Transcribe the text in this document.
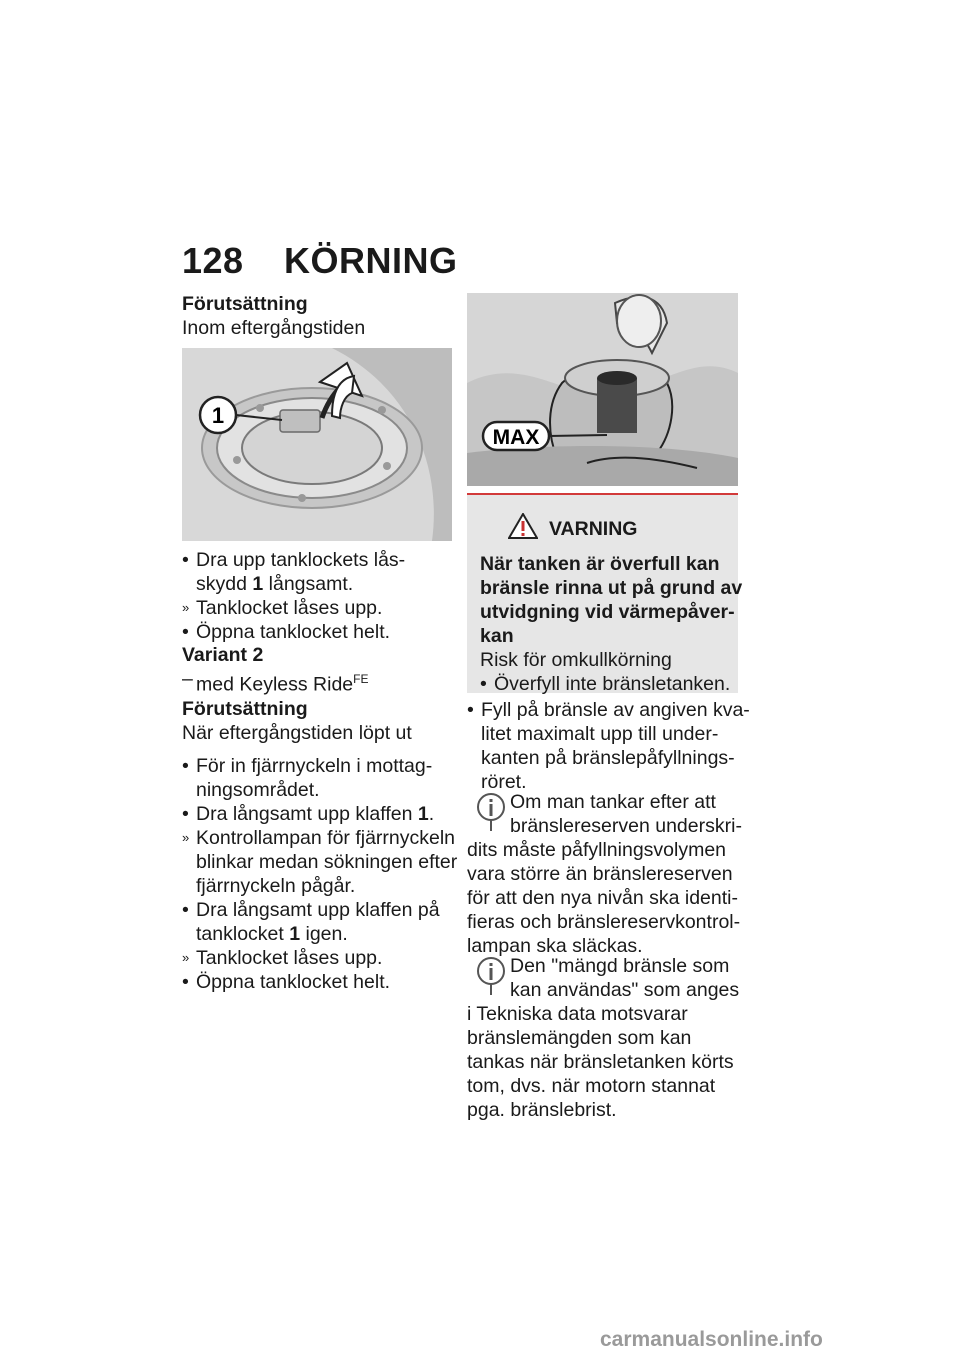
128 KÖRNING
Förutsättning
Inom eftergångstiden
1
• Dra upp tanklockets lås-
skydd 1 långsamt.
» Tanklocket låses upp.
• Öppna tanklocket helt.
Variant 2
– med Keyless Ride$^{FE}$
Förutsättning
När eftergångstiden löpt ut
• För in fjärrnyckeln i mottag-
ningsområdet.
• Dra långsamt upp klaffen 1.
» Kontrollampan för fjärrnyckeln
blinkar medan sökningen efter
fjärrnyckeln pågår.
• Dra långsamt upp klaffen på
tanklocket 1 igen.
» Tanklocket låses upp.
• Öppna tanklocket helt.
MAX
VARNING
När tanken är överfull kan
bränsle rinna ut på grund av
utvidgning vid värmepåver-
kan
Risk för omkullkörning
• Överfyll inte bränsletanken.
• Fyll på bränsle av angiven kva-
litet maximalt upp till under-
kanten på bränslepåfyllnings-
röret.
Om man tankar efter att
bränslereserven underskri-
dits måste påfyllningsvolymen
vara större än bränslereserven
för att den nya nivån ska identi-
fieras och bränslereservkontrol-
lampan ska släckas.
Den "mängd bränsle som
kan användas" som anges
i Tekniska data motsvarar
bränslemängden som kan
tankas när bränsletanken körts
tom, dvs. när motorn stannat
pga. bränslebrist.
carmanualsonline.info
